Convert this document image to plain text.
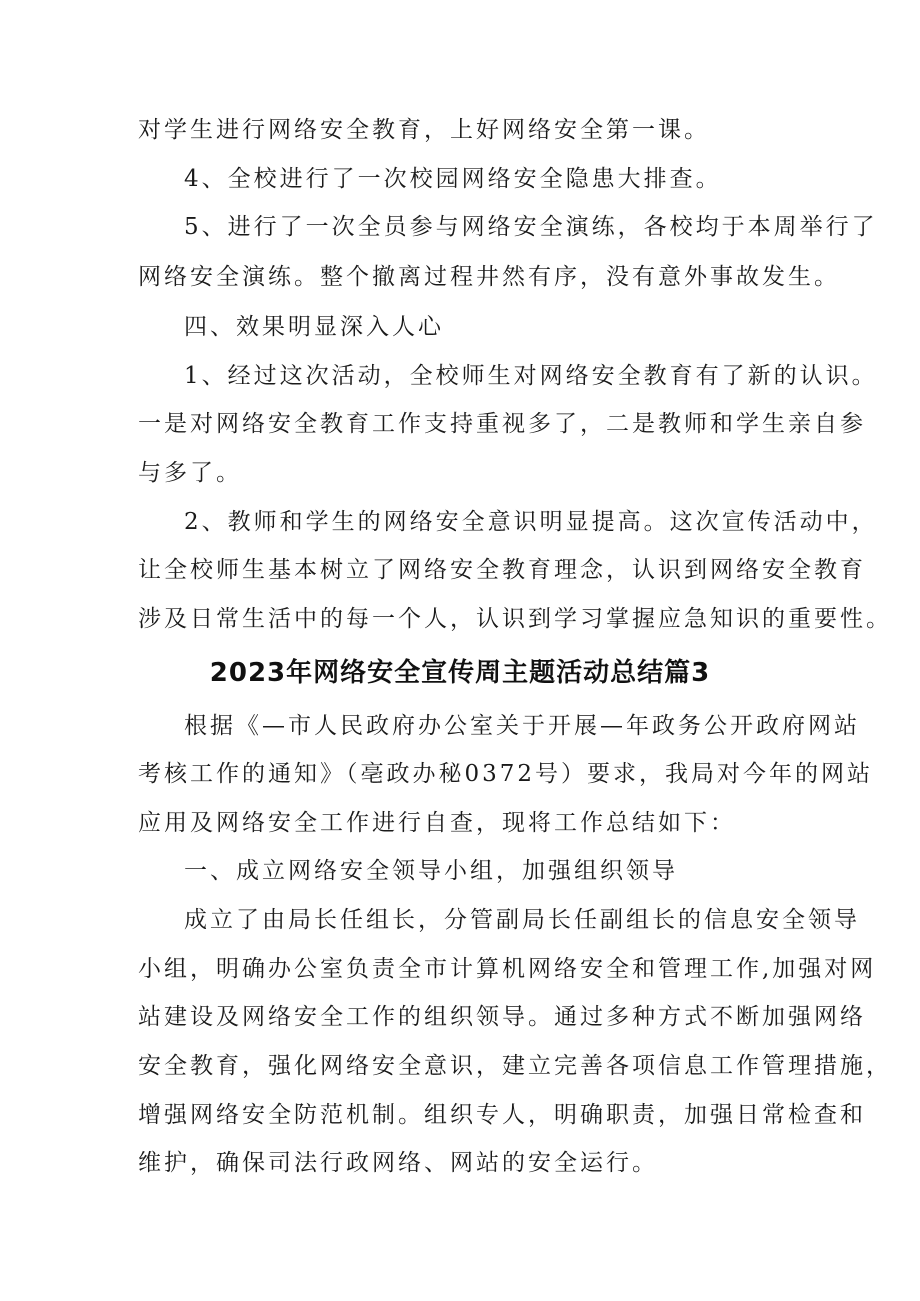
对学生进行网络安全教育，上好网络安全第一课。
4、全校进行了一次校园网络安全隐患大排查。
5、进行了一次全员参与网络安全演练，各校均于本周举行了
网络安全演练。整个撤离过程井然有序，没有意外事故发生。
四、效果明显深入人心
1、经过这次活动，全校师生对网络安全教育有了新的认识。
一是对网络安全教育工作支持重视多了，二是教师和学生亲自参
与多了。
2、教师和学生的网络安全意识明显提高。这次宣传活动中，
让全校师生基本树立了网络安全教育理念，认识到网络安全教育
涉及日常生活中的每一个人，认识到学习掌握应急知识的重要性。
2023年网络安全宣传周主题活动总结篇3
根据《—市人民政府办公室关于开展—年政务公开政府网站
考核工作的通知》（亳政办秘0372号）要求，我局对今年的网站
应用及网络安全工作进行自查，现将工作总结如下：
一、成立网络安全领导小组，加强组织领导
成立了由局长任组长，分管副局长任副组长的信息安全领导
小组，明确办公室负责全市计算机网络安全和管理工作,加强对网
站建设及网络安全工作的组织领导。通过多种方式不断加强网络
安全教育，强化网络安全意识，建立完善各项信息工作管理措施，
增强网络安全防范机制。组织专人，明确职责，加强日常检查和
维护，确保司法行政网络、网站的安全运行。
